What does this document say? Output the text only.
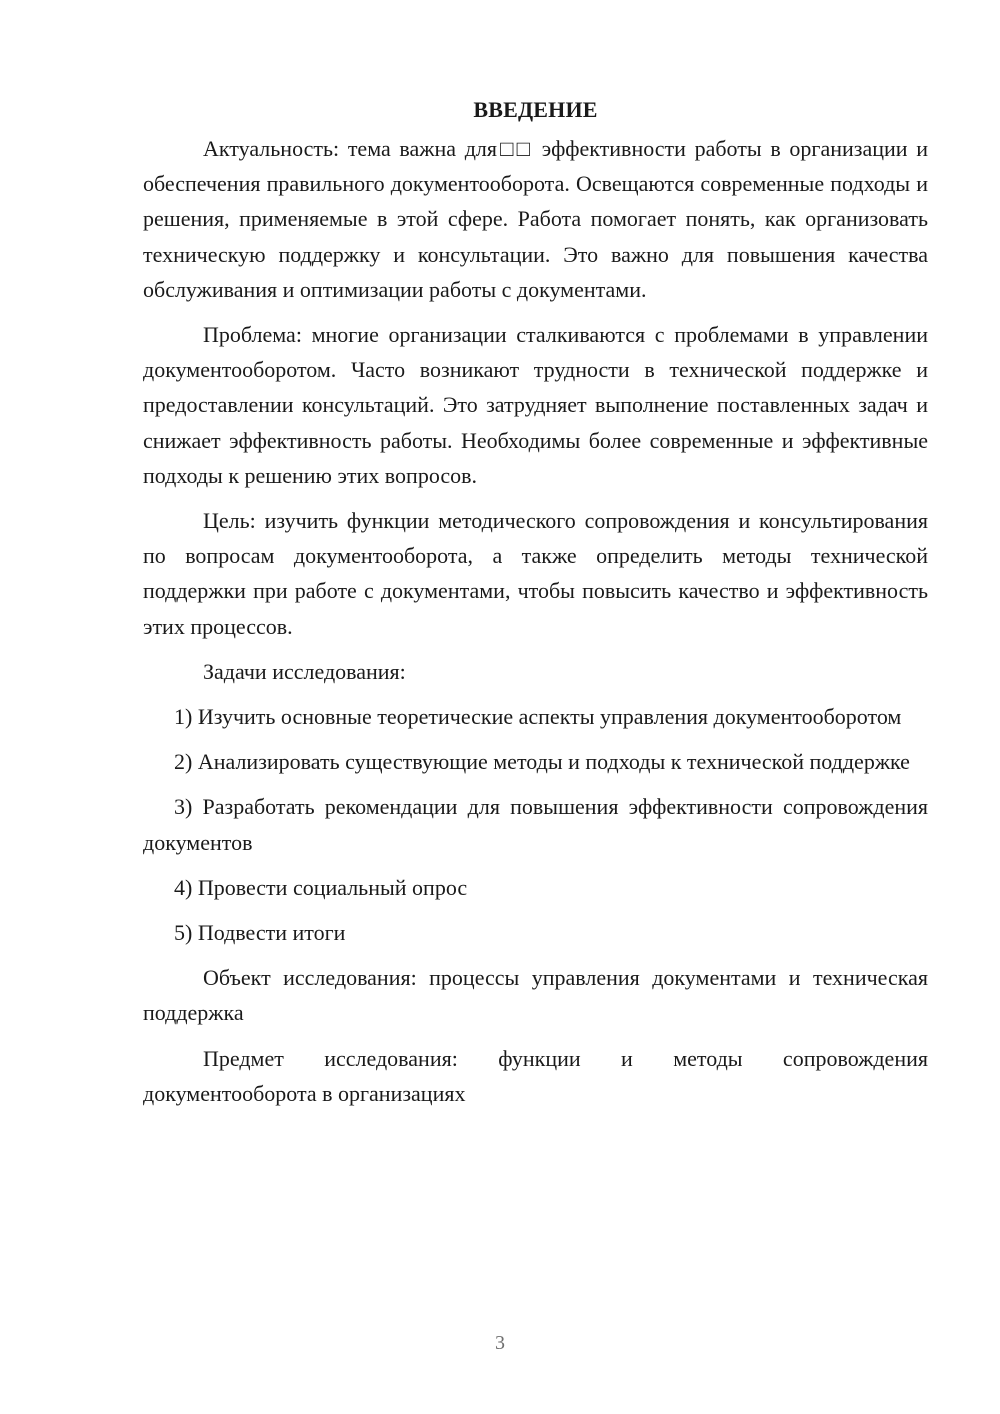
ВВЕДЕНИЕ

Актуальность: тема важна для□□ эффективности работы в организации и обеспечения правильного документооборота. Освещаются современные подходы и решения, применяемые в этой сфере. Работа помогает понять, как организовать техническую поддержку и консультации. Это важно для повышения качества обслуживания и оптимизации работы с документами.

Проблема: многие организации сталкиваются с проблемами в управлении документооборотом. Часто возникают трудности в технической поддержке и предоставлении консультаций. Это затрудняет выполнение поставленных задач и снижает эффективность работы. Необходимы более современные и эффективные подходы к решению этих вопросов.

Цель: изучить функции методического сопровождения и консультирования по вопросам документооборота, а также определить методы технической поддержки при работе с документами, чтобы повысить качество и эффективность этих процессов.

Задачи исследования:

1) Изучить основные теоретические аспекты управления документооборотом

2) Анализировать существующие методы и подходы к технической поддержке

3) Разработать рекомендации для повышения эффективности сопровождения документов

4) Провести социальный опрос

5) Подвести итоги

Объект исследования: процессы управления документами и техническая поддержка

Предмет исследования: функции и методы сопровождения документооборота в организациях

3
